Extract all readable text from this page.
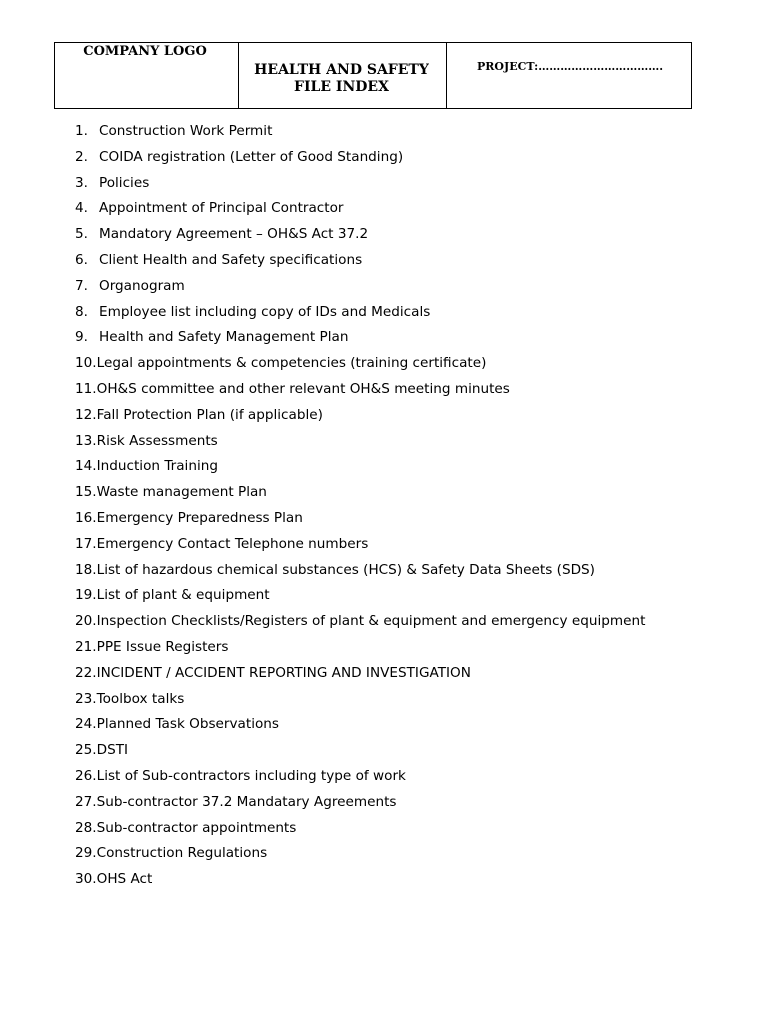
COMPANY LOGO

HEALTH AND SAFETY FILE INDEX

PROJECT:…………………………….
1. Construction Work Permit
2. COIDA registration (Letter of Good Standing)
3. Policies
4. Appointment of Principal Contractor
5. Mandatory Agreement – OH&S Act 37.2
6. Client Health and Safety specifications
7. Organogram
8. Employee list including copy of IDs and Medicals
9. Health and Safety Management Plan
10.Legal appointments & competencies (training certificate)
11.OH&S committee and other relevant OH&S meeting minutes
12.Fall Protection Plan (if applicable)
13.Risk Assessments
14.Induction Training
15.Waste management Plan
16.Emergency Preparedness Plan
17.Emergency Contact Telephone numbers
18.List of hazardous chemical substances (HCS) & Safety Data Sheets (SDS)
19.List of plant & equipment
20.Inspection Checklists/Registers of plant & equipment and emergency equipment
21.PPE Issue Registers
22.INCIDENT / ACCIDENT REPORTING AND INVESTIGATION
23.Toolbox talks
24.Planned Task Observations
25.DSTI
26.List of Sub-contractors including type of work
27.Sub-contractor 37.2 Mandatary Agreements
28.Sub-contractor appointments
29.Construction Regulations
30.OHS Act
